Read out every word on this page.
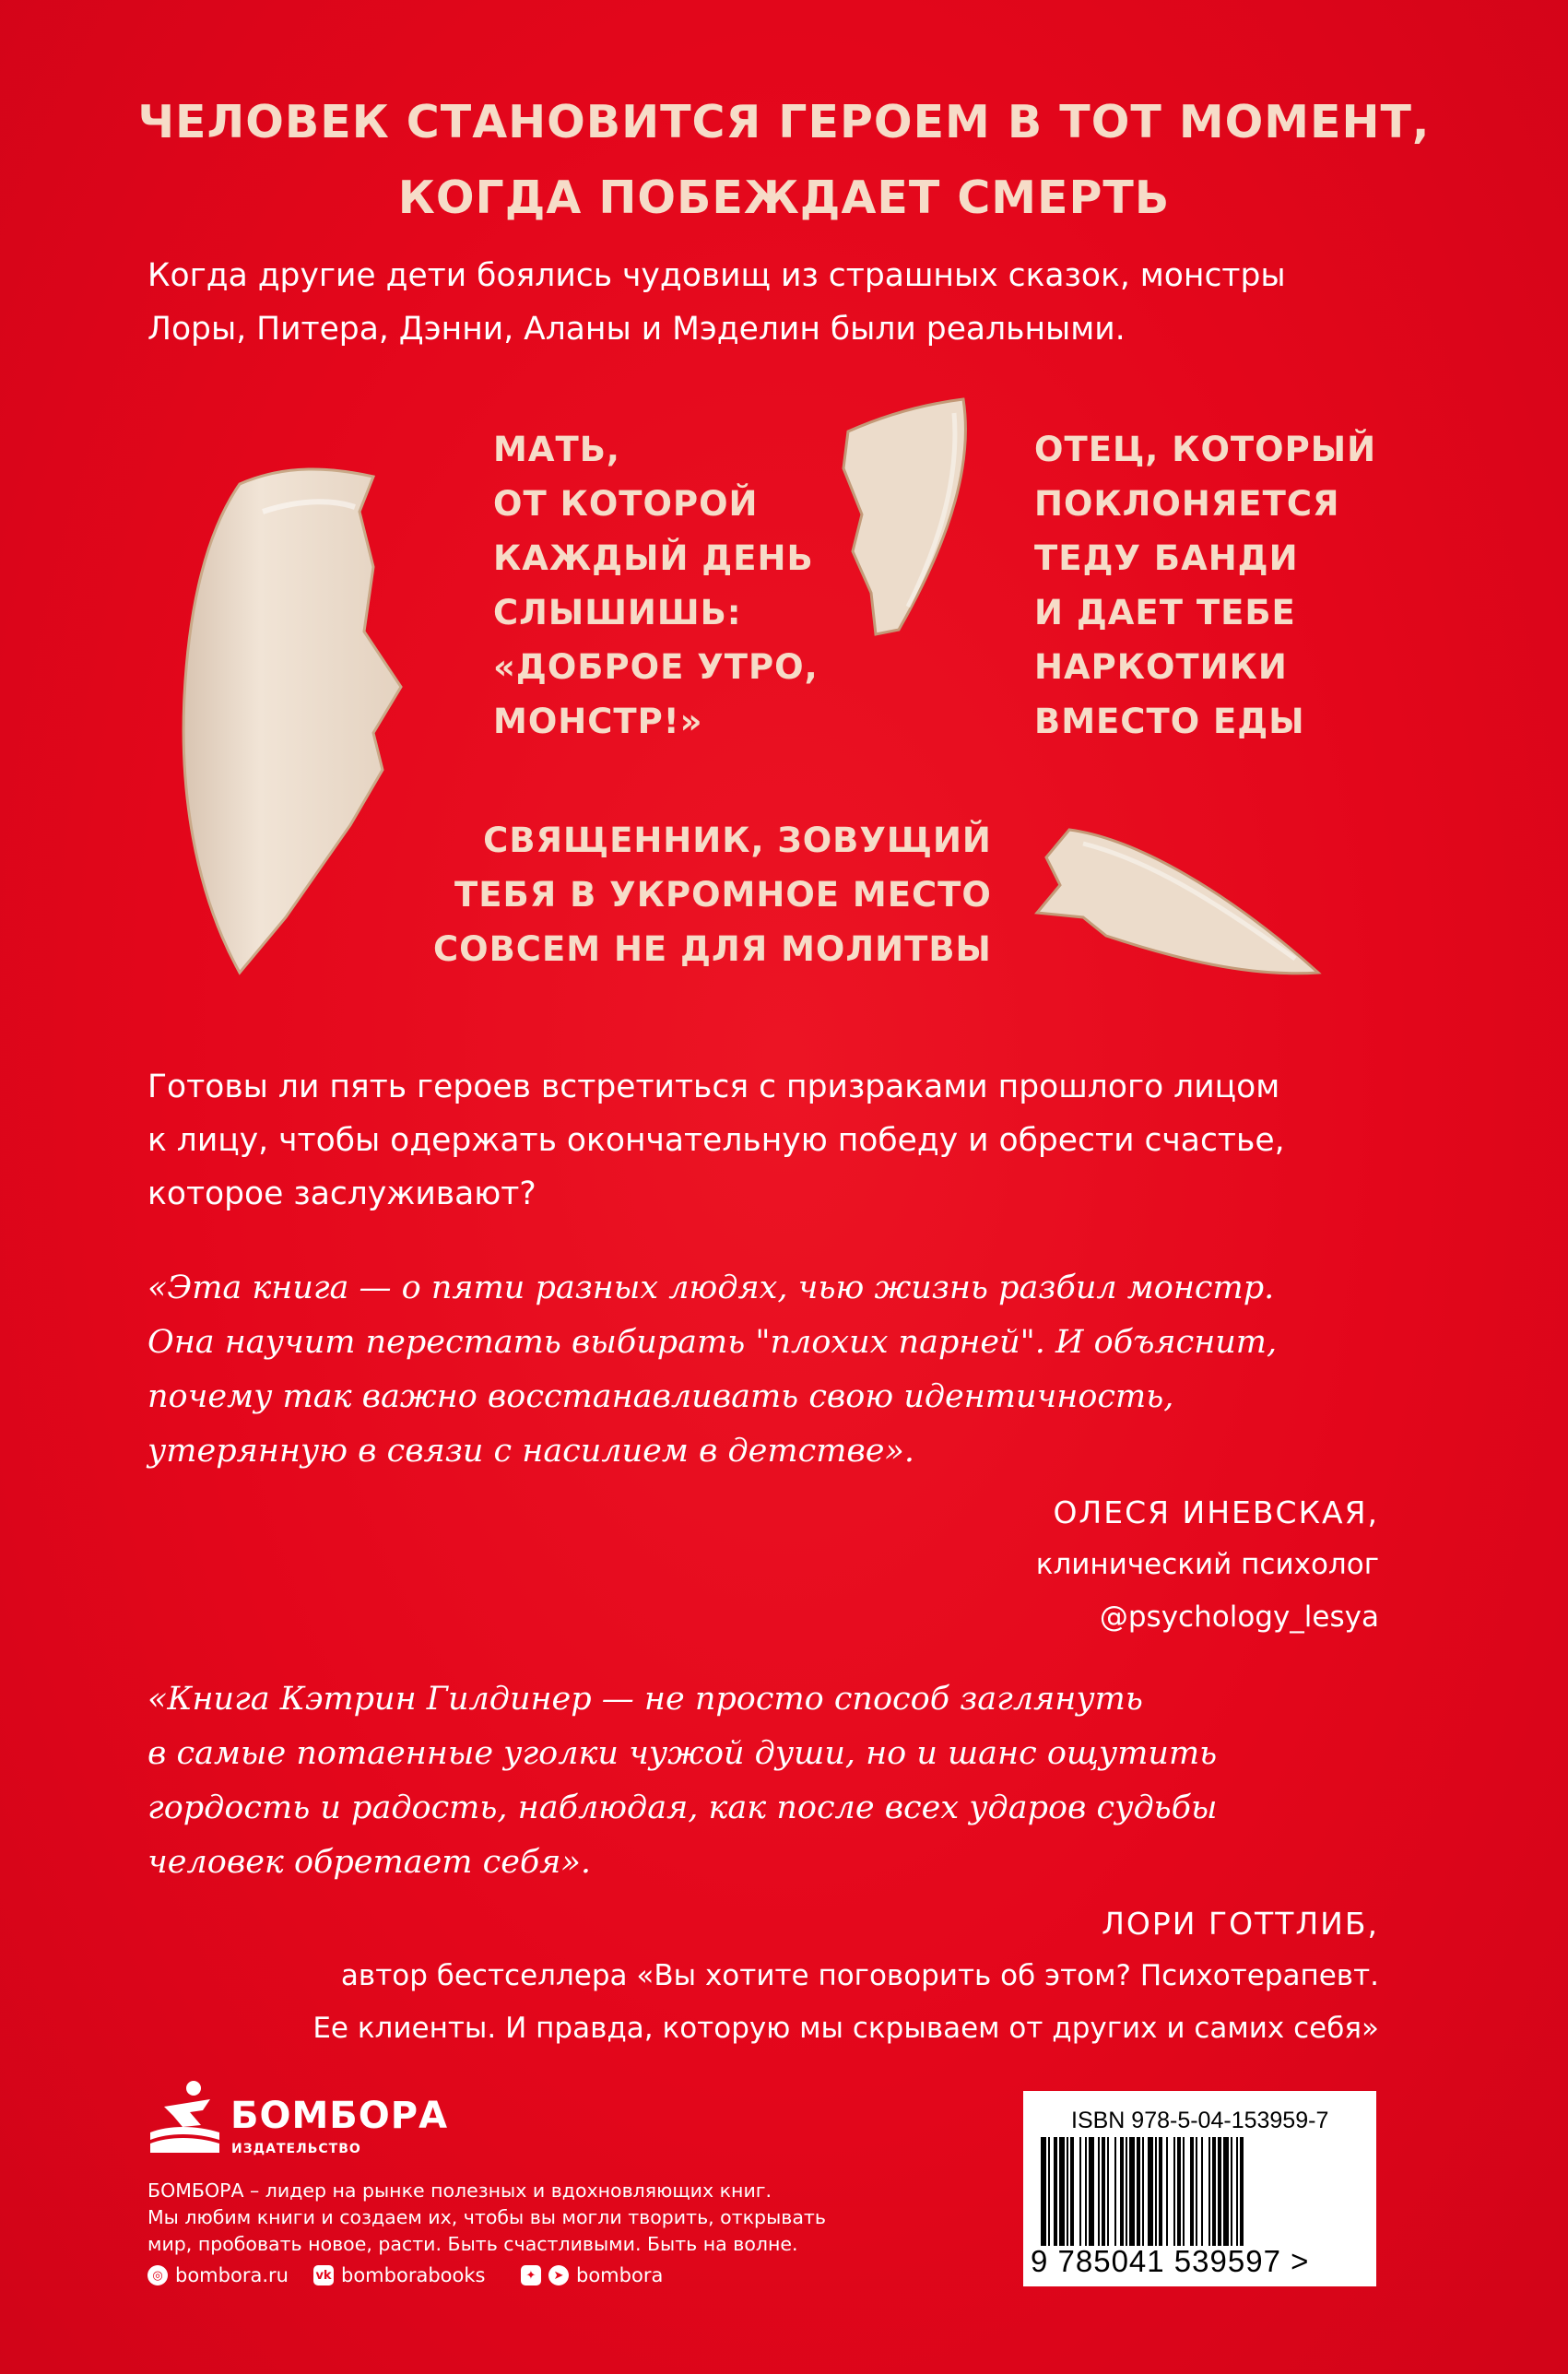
ЧЕЛОВЕК СТАНОВИТСЯ ГЕРОЕМ В ТОТ МОМЕНТ,
КОГДА ПОБЕЖДАЕТ СМЕРТЬ
Когда другие дети боялись чудовищ из страшных сказок, монстры
Лоры, Питера, Дэнни, Аланы и Мэделин были реальными.
МАТЬ,
ОТ КОТОРОЙ
КАЖДЫЙ ДЕНЬ
СЛЫШИШЬ:
«ДОБРОЕ УТРО,
МОНСТР!»
ОТЕЦ, КОТОРЫЙ
ПОКЛОНЯЕТСЯ
ТЕДУ БАНДИ
И ДАЕТ ТЕБЕ
НАРКОТИКИ
ВМЕСТО ЕДЫ
СВЯЩЕННИК, ЗОВУЩИЙ
ТЕБЯ В УКРОМНОЕ МЕСТО
СОВСЕМ НЕ ДЛЯ МОЛИТВЫ
Готовы ли пять героев встретиться с призраками прошлого лицом
к лицу, чтобы одержать окончательную победу и обрести счастье,
которое заслуживают?
«Эта книга — о пяти разных людях, чью жизнь разбил монстр.
Она научит перестать выбирать "плохих парней". И объяснит,
почему так важно восстанавливать свою идентичность,
утерянную в связи с насилием в детстве».
ОЛЕСЯ ИНЕВСКАЯ,
клинический психолог
@psychology_lesya
«Книга Кэтрин Гилдинер — не просто способ заглянуть
в самые потаенные уголки чужой души, но и шанс ощутить
гордость и радость, наблюдая, как после всех ударов судьбы
человек обретает себя».
ЛОРИ ГОТТЛИБ,
автор бестселлера «Вы хотите поговорить об этом? Психотерапевт.
Ее клиенты. И правда, которую мы скрываем от других и самих себя»
БОМБОРА
ИЗДАТЕЛЬСТВО
БОМБОРА – лидер на рынке полезных и вдохновляющих книг.
Мы любим книги и создаем их, чтобы вы могли творить, открывать
мир, пробовать новое, расти. Быть счастливыми. Быть на волне.
◎ bombora.ru vk bomborabooks	✦	➤ bombora
ISBN 978-5-04-153959-7
9 785041 539597 >
